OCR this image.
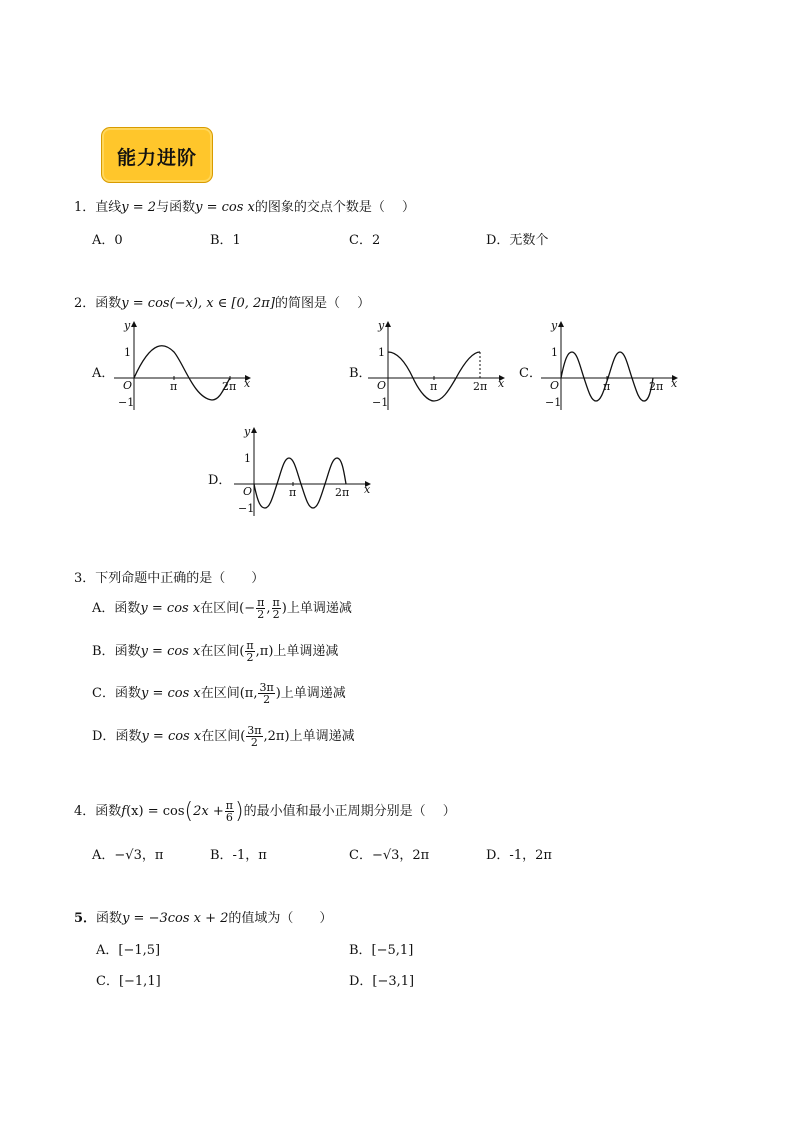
能力进阶
1．直线y = 2与函数y = cos x的图象的交点个数是（　 ）
A．0	B．1	C．2	D．无数个
2．函数y = cos(−x), x ∈ [0, 2π]的简图是（　 ）
A．	B．	C．
D．
y
1
O
−1
π	2π x
y
1
O
−1
π	2π x
y
1
O
−1
π	2π x
y
1
O
−1
π	2π x
3．下列命题中正确的是（　　）
A．函数y = cos x在区间(− $\frac{\pi}{2}$ , $\frac{\pi}{2}$ )上单调递减
B．函数y = cos x在区间( $\frac{\pi}{2} ,\pi$)上单调递减
C．函数y = cos x在区间(π, $\frac{3\pi}{2}$ )上单调递减
D．函数y = cos x在区间( $\frac{3\pi}{2} ,2\pi$)上单调递减
4．函数$f(x) = \cos(2x + \frac{\pi}{6}$ )的最小值和最小正周期分别是（　 ）
A．−√3，π	B．-1，π	C．−√3，2π	D．-1，2π
5．函数y = −3cos x + 2的值域为（　　）
A．[−1,5]	B．[−5,1]
C．[−1,1]	D．[−3,1]
